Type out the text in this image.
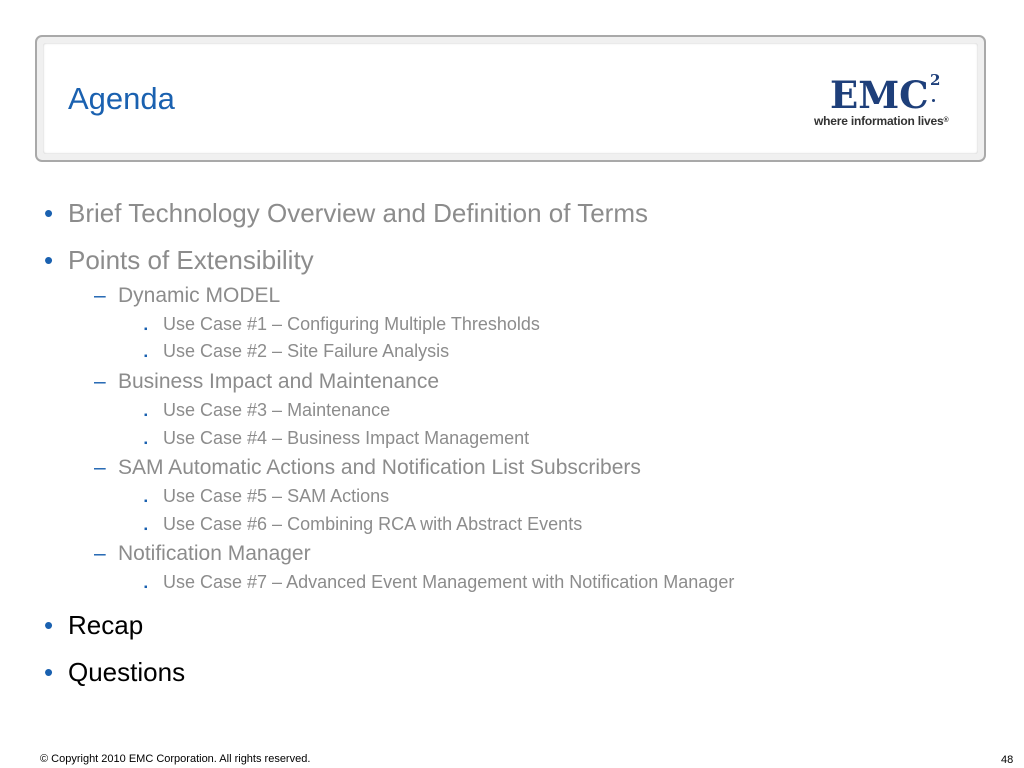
Agenda	EMC 2
where information lives®
• Brief Technology Overview and Definition of Terms
• Points of Extensibility
– Dynamic MODEL
▪ Use Case #1 – Configuring Multiple Thresholds
▪ Use Case #2 – Site Failure Analysis
– Business Impact and Maintenance
▪ Use Case #3 – Maintenance
▪ Use Case #4 – Business Impact Management
– SAM Automatic Actions and Notification List Subscribers
▪ Use Case #5 – SAM Actions
▪ Use Case #6 – Combining RCA with Abstract Events
– Notification Manager
▪ Use Case #7 – Advanced Event Management with Notification Manager
• Recap
• Questions
© Copyright 2010 EMC Corporation. All rights reserved.	48
